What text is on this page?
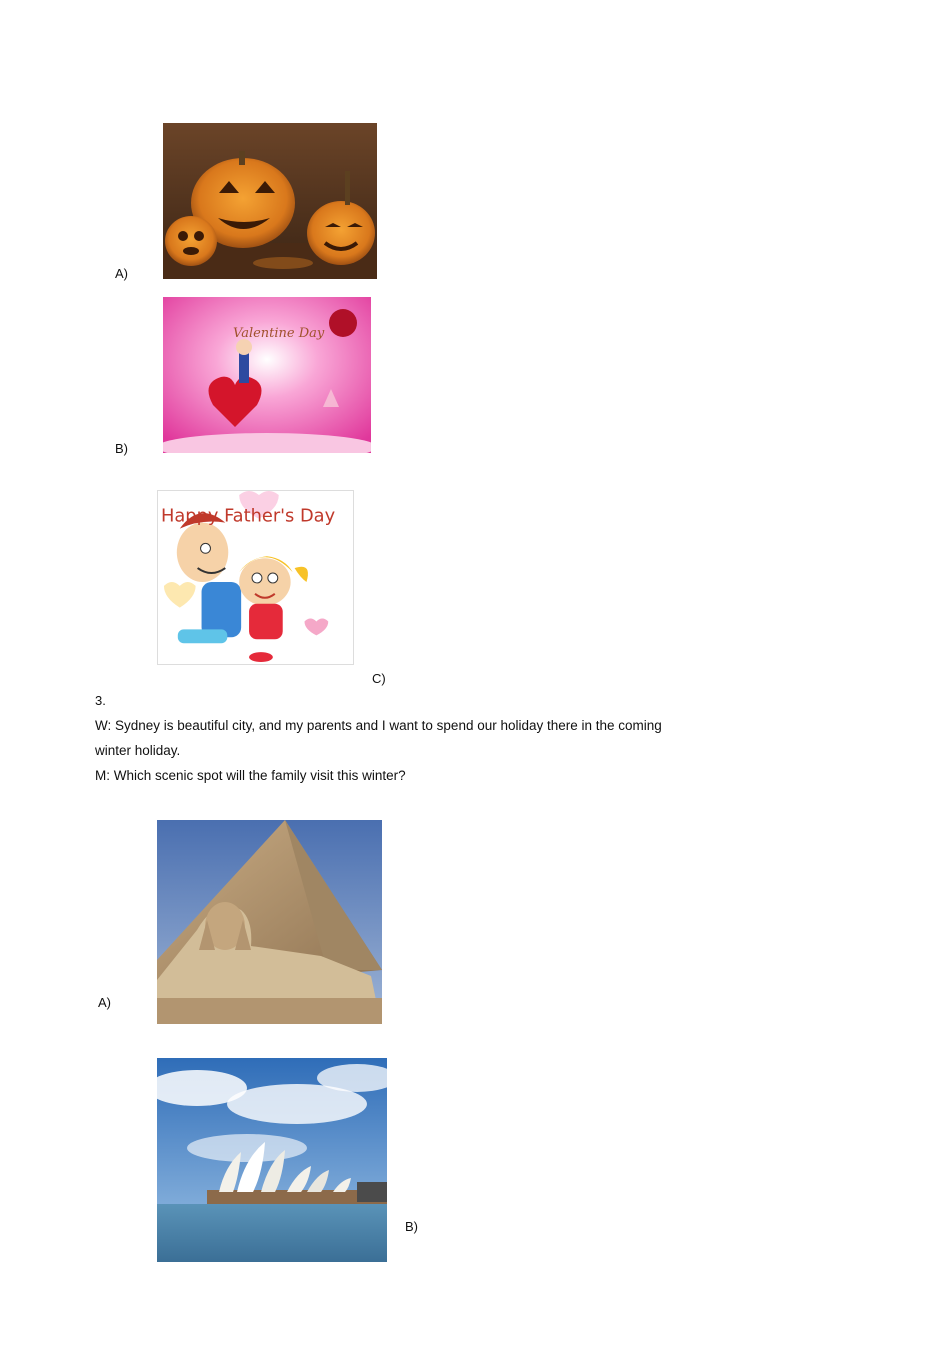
A)
B)
Valentine Day
Happy Father's Day
C)
3.
W: Sydney is beautiful city, and my parents and I want to spend our holiday there in the coming
winter holiday.
M: Which scenic spot will the family visit this winter?
A)
B)
